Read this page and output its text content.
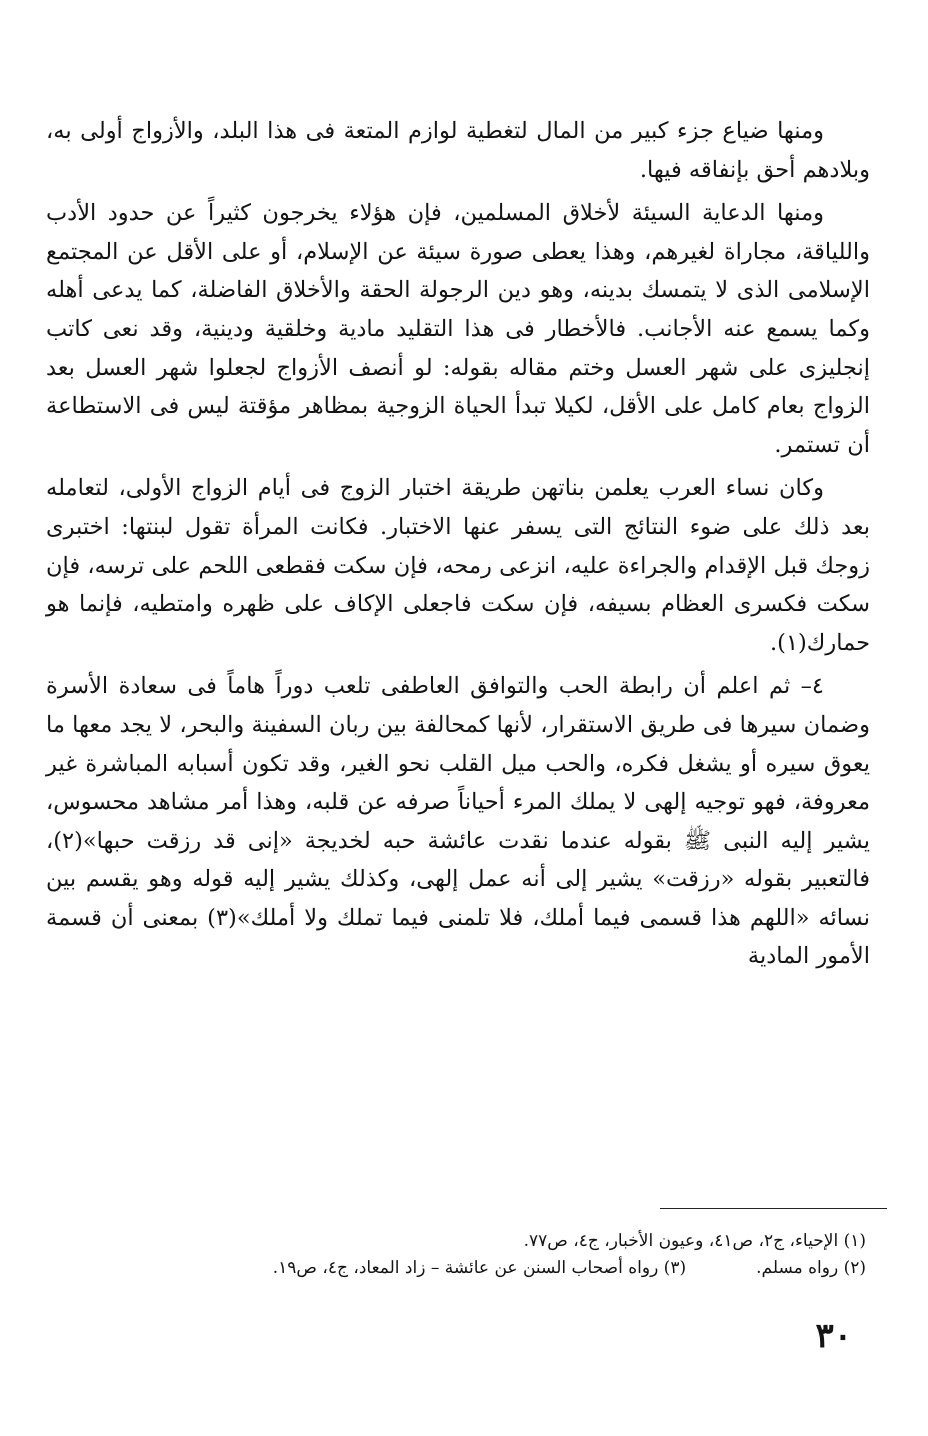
ومنها ضياع جزء كبير من المال لتغطية لوازم المتعة فى هذا البلد، والأزواج أولى به، وبلادهم أحق بإنفاقه فيها.

ومنها الدعاية السيئة لأخلاق المسلمين، فإن هؤلاء يخرجون كثيراً عن حدود الأدب واللياقة، مجاراة لغيرهم، وهذا يعطى صورة سيئة عن الإسلام، أو على الأقل عن المجتمع الإسلامى الذى لا يتمسك بدينه، وهو دين الرجولة الحقة والأخلاق الفاضلة، كما يدعى أهله وكما يسمع عنه الأجانب. فالأخطار فى هذا التقليد مادية وخلقية ودينية، وقد نعى كاتب إنجليزى على شهر العسل وختم مقاله بقوله: لو أنصف الأزواج لجعلوا شهر العسل بعد الزواج بعام كامل على الأقل، لكيلا تبدأ الحياة الزوجية بمظاهر مؤقتة ليس فى الاستطاعة أن تستمر.

وكان نساء العرب يعلمن بناتهن طريقة اختبار الزوج فى أيام الزواج الأولى، لتعامله بعد ذلك على ضوء النتائج التى يسفر عنها الاختبار. فكانت المرأة تقول لبنتها: اختبرى زوجك قبل الإقدام والجراءة عليه، انزعى رمحه، فإن سكت فقطعى اللحم على ترسه، فإن سكت فكسرى العظام بسيفه، فإن سكت فاجعلى الإكاف على ظهره وامتطيه، فإنما هو حمارك(١).

٤– ثم اعلم أن رابطة الحب والتوافق العاطفى تلعب دوراً هاماً فى سعادة الأسرة وضمان سيرها فى طريق الاستقرار، لأنها كمحالفة بين ربان السفينة والبحر، لا يجد معها ما يعوق سيره أو يشغل فكره، والحب ميل القلب نحو الغير، وقد تكون أسبابه المباشرة غير معروفة، فهو توجيه إلهى لا يملك المرء أحياناً صرفه عن قلبه، وهذا أمر مشاهد محسوس، يشير إليه النبى ﷺ بقوله عندما نقدت عائشة حبه لخديجة «إنى قد رزقت حبها»(٢)، فالتعبير بقوله «رزقت» يشير إلى أنه عمل إلهى، وكذلك يشير إليه قوله وهو يقسم بين نسائه «اللهم هذا قسمى فيما أملك، فلا تلمنى فيما تملك ولا أملك»(٣) بمعنى أن قسمة الأمور المادية

(١) الإحياء، ج٢، ص٤١، وعيون الأخبار، ج٤، ص٧٧.

(٢) رواه مسلم.
(٣) رواه أصحاب السنن عن عائشة – زاد المعاد، ج٤، ص١٩.
٣٠
